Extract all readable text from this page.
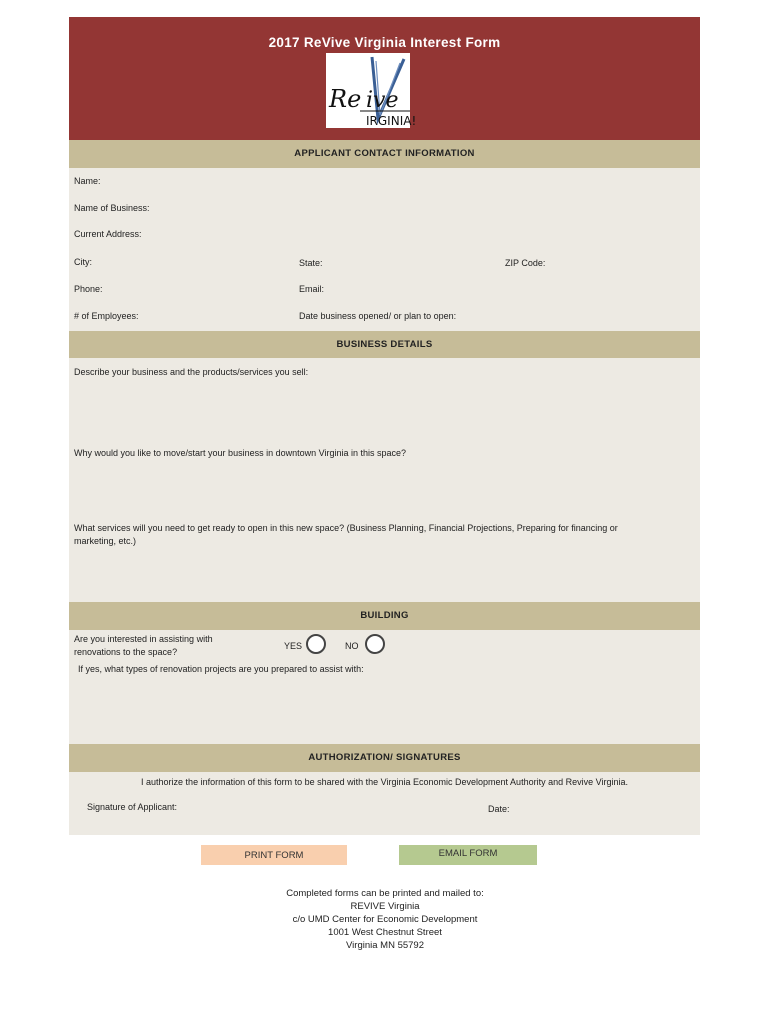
2017 ReVive Virginia Interest Form
Re ive
IRGINIA!
APPLICANT CONTACT INFORMATION
Name:
Name of Business:
Current Address:
City:	State:	ZIP Code:
Phone:	Email:
# of Employees:	Date business opened/ or plan to open:
BUSINESS DETAILS
Describe your business and the products/services you sell:
Why would you like to move/start your business in downtown Virginia in this space?
What services will you need to get ready to open in this new space? (Business Planning, Financial Projections, Preparing for financing or
marketing, etc.)
BUILDING
Are you interested in assisting with
renovations to the space?
YES	NO
If yes, what types of renovation projects are you prepared to assist with:
AUTHORIZATION/ SIGNATURES
I authorize the information of this form to be shared with the Virginia Economic Development Authority and Revive Virginia.
Signature of Applicant:	Date:
PRINT FORM	EMAIL FORM
Completed forms can be printed and mailed to:
REVIVE Virginia
c/o UMD Center for Economic Development
1001 West Chestnut Street
Virginia MN 55792
